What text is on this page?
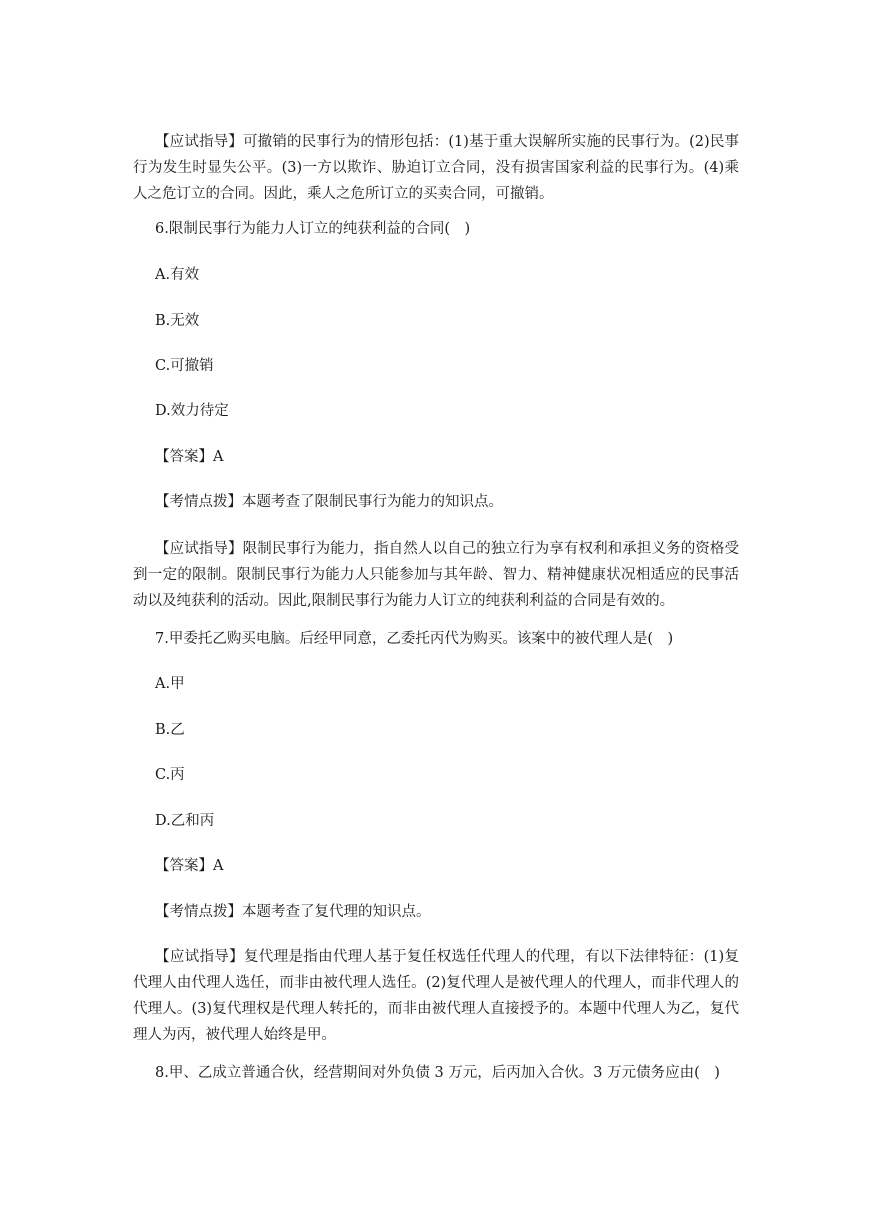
【应试指导】可撤销的民事行为的情形包括：(1)基于重大误解所实施的民事行为。(2)民事行为发生时显失公平。(3)一方以欺诈、胁迫订立合同，没有损害国家利益的民事行为。(4)乘人之危订立的合同。因此，乘人之危所订立的买卖合同，可撤销。

6.限制民事行为能力人订立的纯获利益的合同(　)

A.有效

B.无效

C.可撤销

D.效力待定

【答案】A

【考情点拨】本题考查了限制民事行为能力的知识点。

【应试指导】限制民事行为能力，指自然人以自己的独立行为享有权利和承担义务的资格受到一定的限制。限制民事行为能力人只能参加与其年龄、智力、精神健康状况相适应的民事活动以及纯获利的活动。因此,限制民事行为能力人订立的纯获利利益的合同是有效的。

7.甲委托乙购买电脑。后经甲同意，乙委托丙代为购买。该案中的被代理人是(　)

A.甲

B.乙

C.丙

D.乙和丙

【答案】A

【考情点拨】本题考查了复代理的知识点。

【应试指导】复代理是指由代理人基于复任权选任代理人的代理，有以下法律特征：(1)复代理人由代理人选任，而非由被代理人选任。(2)复代理人是被代理人的代理人，而非代理人的代理人。(3)复代理权是代理人转托的，而非由被代理人直接授予的。本题中代理人为乙，复代理人为丙，被代理人始终是甲。

8.甲、乙成立普通合伙，经营期间对外负债 3 万元，后丙加入合伙。3 万元债务应由(　)
